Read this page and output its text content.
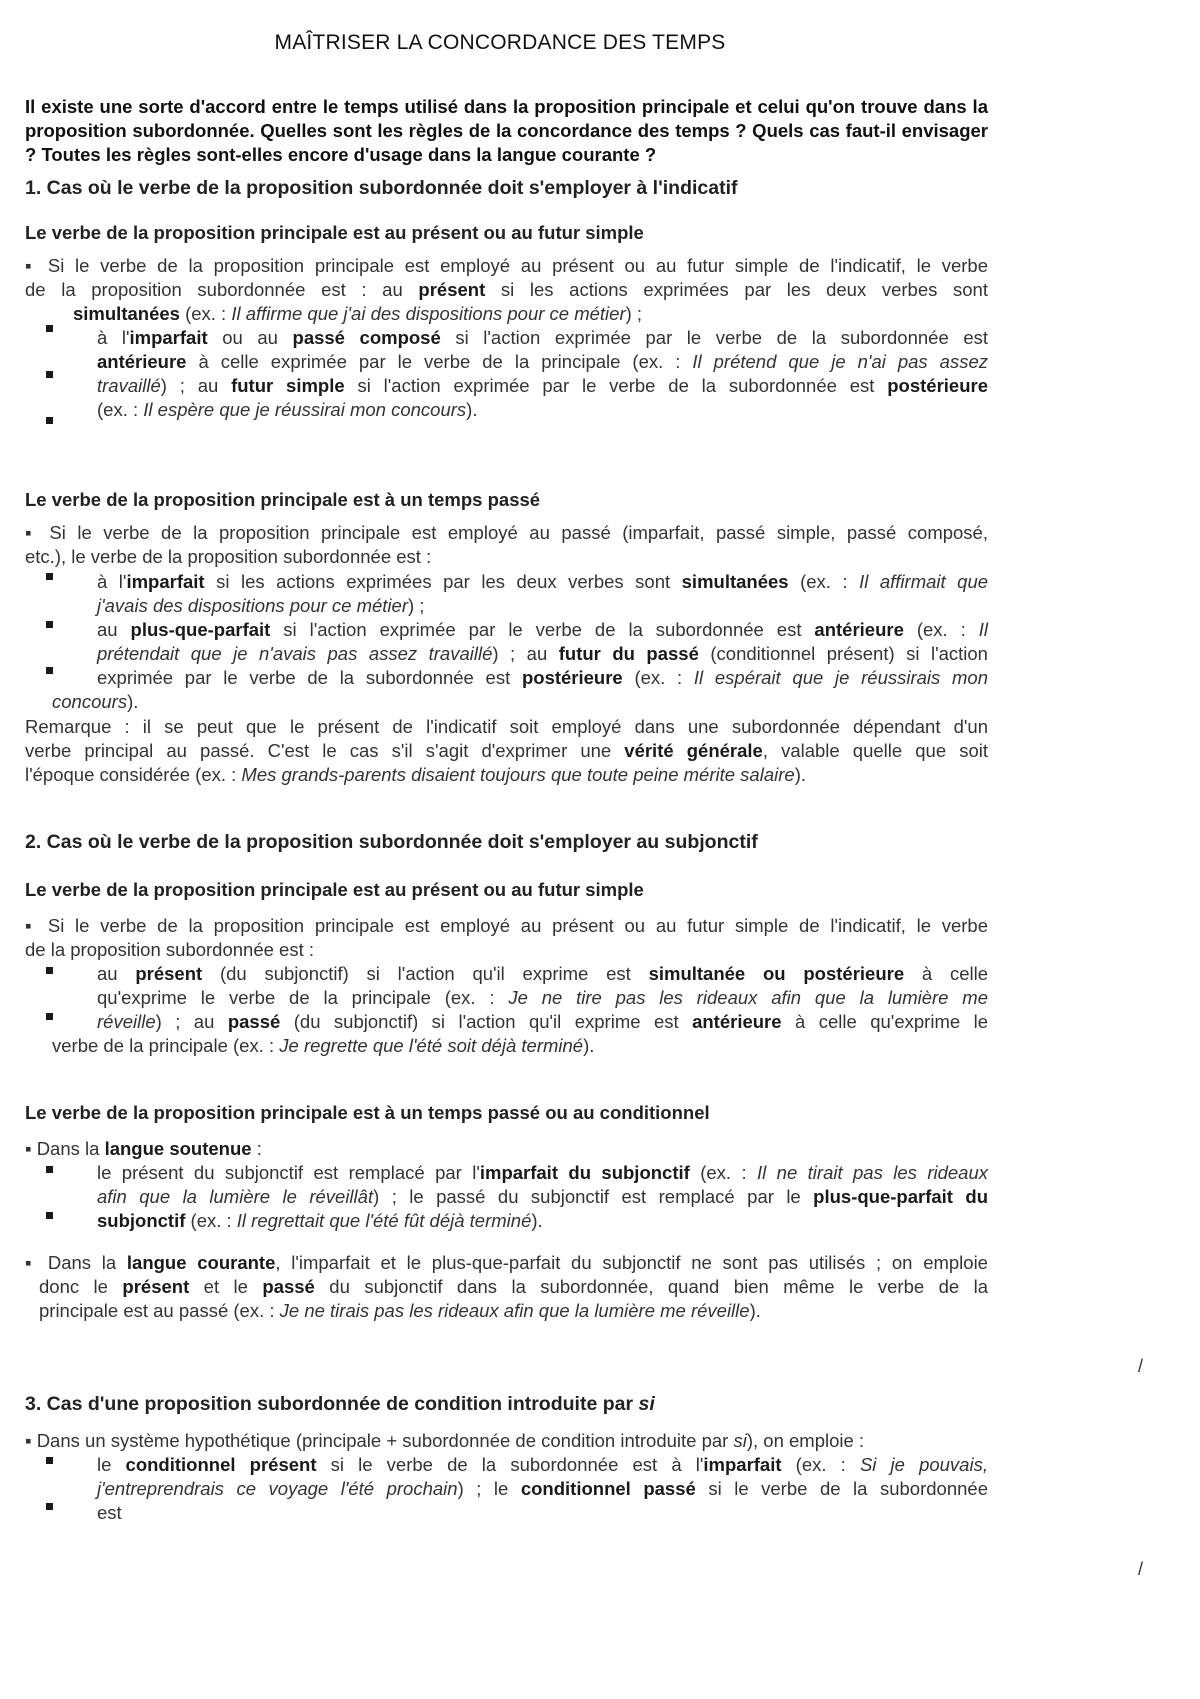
MAÎTRISER LA CONCORDANCE DES TEMPS
Il existe une sorte d'accord entre le temps utilisé dans la proposition principale et celui qu'on trouve dans la proposition subordonnée. Quelles sont les règles de la concordance des temps ? Quels cas faut-il envisager ? Toutes les règles sont-elles encore d'usage dans la langue courante ?
1. Cas où le verbe de la proposition subordonnée doit s'employer à l'indicatif
Le verbe de la proposition principale est au présent ou au futur simple
▪ Si le verbe de la proposition principale est employé au présent ou au futur simple de l'indicatif, le verbe
de la proposition subordonnée est : au présent si les actions exprimées par les deux verbes sont
simultanées (ex. : Il affirme que j'ai des dispositions pour ce métier) ;
à l'imparfait ou au passé composé si l'action exprimée par le verbe de la subordonnée est
antérieure à celle exprimée par le verbe de la principale (ex. : Il prétend que je n'ai pas assez
travaillé) ; au futur simple si l'action exprimée par le verbe de la subordonnée est postérieure
(ex. : Il espère que je réussirai mon concours).
Le verbe de la proposition principale est à un temps passé
▪ Si le verbe de la proposition principale est employé au passé (imparfait, passé simple, passé composé,
etc.), le verbe de la proposition subordonnée est :
à l'imparfait si les actions exprimées par les deux verbes sont simultanées (ex. : Il affirmait que
j'avais des dispositions pour ce métier) ;
au plus-que-parfait si l'action exprimée par le verbe de la subordonnée est antérieure (ex. : Il
prétendait que je n'avais pas assez travaillé) ; au futur du passé (conditionnel présent) si l'action
exprimée par le verbe de la subordonnée est postérieure (ex. : Il espérait que je réussirais mon
concours).
Remarque : il se peut que le présent de l'indicatif soit employé dans une subordonnée dépendant d'un
verbe principal au passé. C'est le cas s'il s'agit d'exprimer une vérité générale, valable quelle que soit
l'époque considérée (ex. : Mes grands-parents disaient toujours que toute peine mérite salaire).
2. Cas où le verbe de la proposition subordonnée doit s'employer au subjonctif
Le verbe de la proposition principale est au présent ou au futur simple
▪ Si le verbe de la proposition principale est employé au présent ou au futur simple de l'indicatif, le verbe
de la proposition subordonnée est :
au présent (du subjonctif) si l'action qu'il exprime est simultanée ou postérieure à celle
qu'exprime le verbe de la principale (ex. : Je ne tire pas les rideaux afin que la lumière me
réveille) ; au passé (du subjonctif) si l'action qu'il exprime est antérieure à celle qu'exprime le
verbe de la principale (ex. : Je regrette que l'été soit déjà terminé).
Le verbe de la proposition principale est à un temps passé ou au conditionnel
▪ Dans la langue soutenue :
le présent du subjonctif est remplacé par l'imparfait du subjonctif (ex. : Il ne tirait pas les rideaux
afin que la lumière le réveillât) ; le passé du subjonctif est remplacé par le plus-que-parfait du
subjonctif (ex. : Il regrettait que l'été fût déjà terminé).
▪ Dans la langue courante, l'imparfait et le plus-que-parfait du subjonctif ne sont pas utilisés ; on emploie
donc le présent et le passé du subjonctif dans la subordonnée, quand bien même le verbe de la
principale est au passé (ex. : Je ne tirais pas les rideaux afin que la lumière me réveille).
/
3. Cas d'une proposition subordonnée de condition introduite par si
▪ Dans un système hypothétique (principale + subordonnée de condition introduite par si), on emploie :
le conditionnel présent si le verbe de la subordonnée est à l'imparfait (ex. : Si je pouvais,
j'entreprendrais ce voyage l'été prochain) ; le conditionnel passé si le verbe de la subordonnée
est
/
